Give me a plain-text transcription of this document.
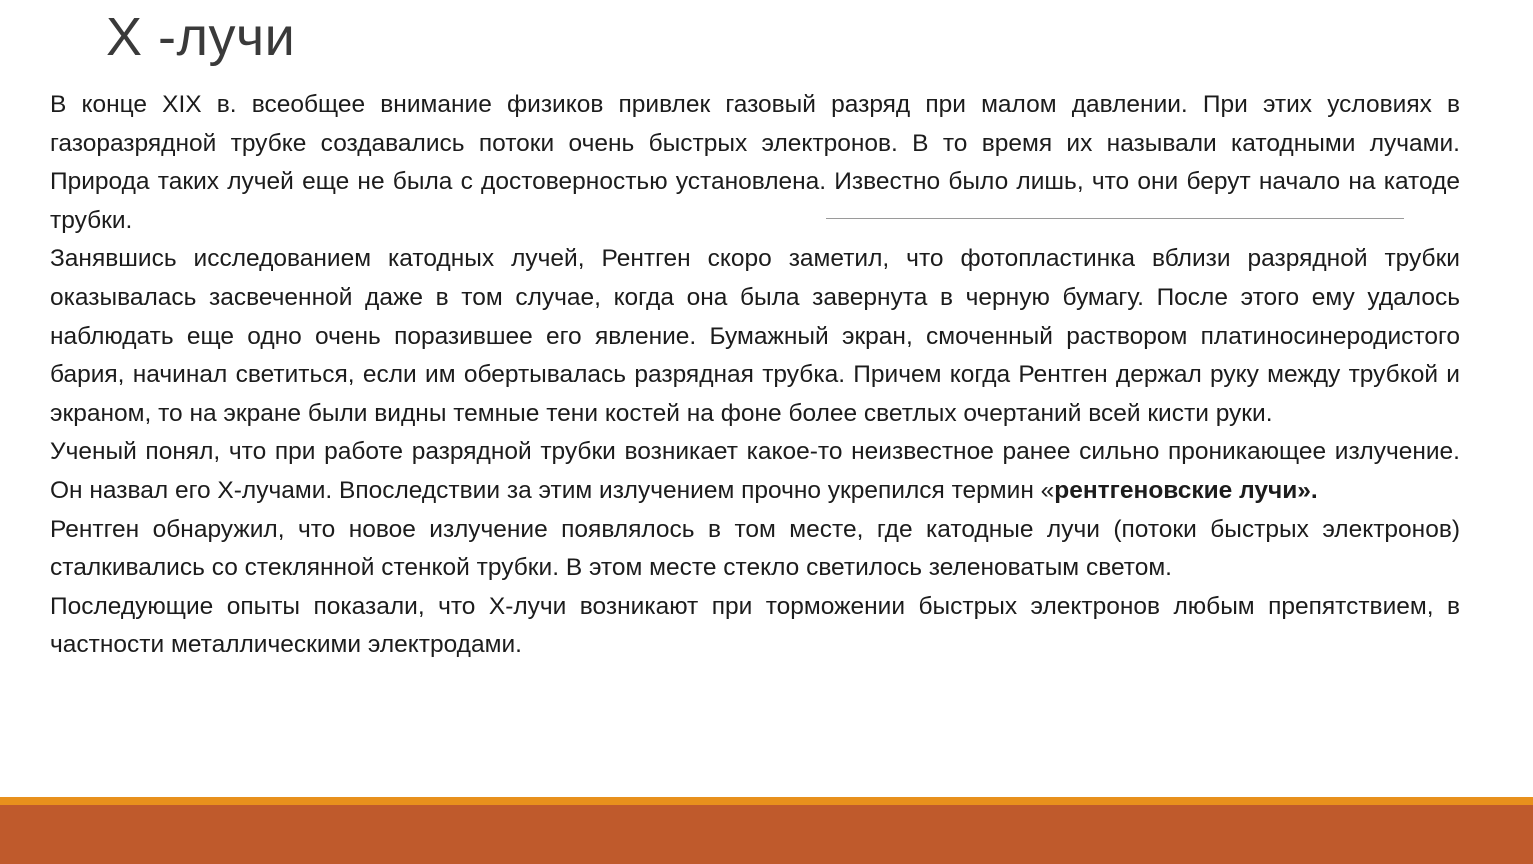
X -лучи

В конце XIX в. всеобщее внимание физиков привлек газовый разряд при малом давлении. При этих условиях в газоразрядной трубке создавались потоки очень быстрых электронов. В то время их называли катодными лучами. Природа таких лучей еще не была с достоверностью установлена. Известно было лишь, что они берут начало на катоде трубки.

Занявшись исследованием катодных лучей, Рентген скоро заметил, что фотопластинка вблизи разрядной трубки оказывалась засвеченной даже в том случае, когда она была завернута в черную бумагу. После этого ему удалось наблюдать еще одно очень поразившее его явление. Бумажный экран, смоченный раствором платиносинеродистого бария, начинал светиться, если им обертывалась разрядная трубка. Причем когда Рентген держал руку между трубкой и экраном, то на экране были видны темные тени костей на фоне более светлых очертаний всей кисти руки.

Ученый понял, что при работе разрядной трубки возникает какое-то неизвестное ранее сильно проникающее излучение. Он назвал его X-лучами. Впоследствии за этим излучением прочно укрепился термин «рентгеновские лучи».

Рентген обнаружил, что новое излучение появлялось в том месте, где катодные лучи (потоки быстрых электронов) сталкивались со стеклянной стенкой трубки. В этом месте стекло светилось зеленоватым светом.

Последующие опыты показали, что X-лучи возникают при торможении быстрых электронов любым препятствием, в частности металлическими электродами.
